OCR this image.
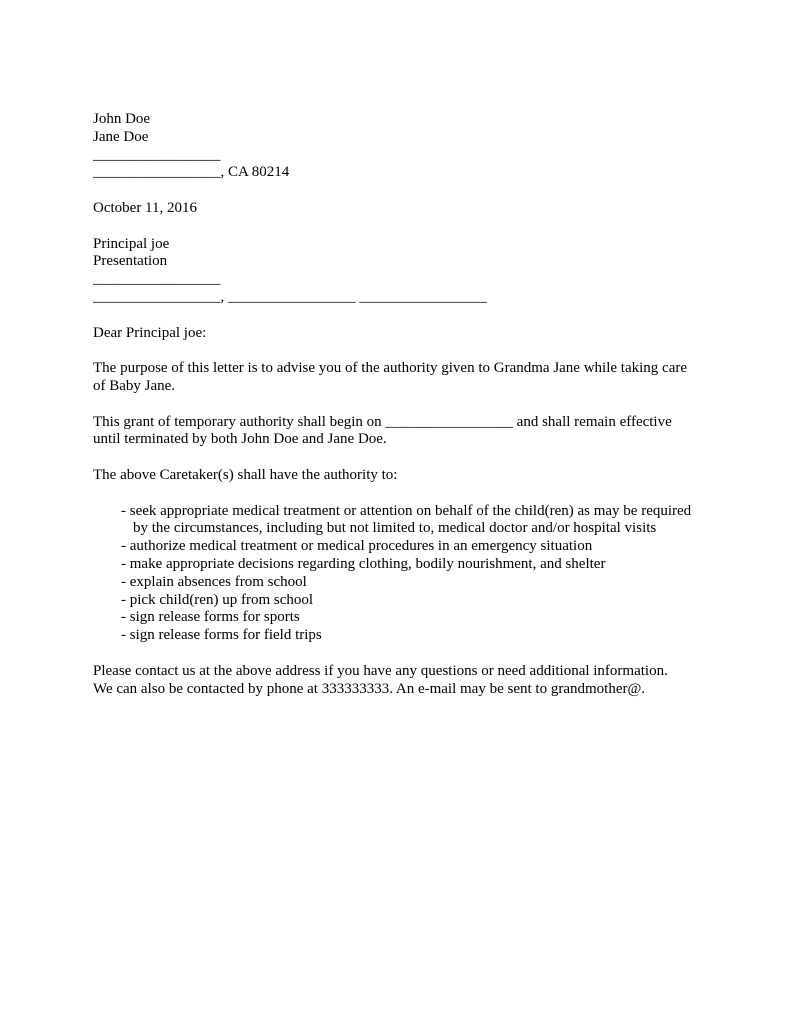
John Doe
Jane Doe
_________________
_________________, CA 80214
October 11, 2016
Principal joe
Presentation
_________________
_________________, _________________ _________________
Dear Principal joe:
The purpose of this letter is to advise you of the authority given to Grandma Jane while taking care of Baby Jane.
This grant of temporary authority shall begin on _________________ and shall remain effective
until terminated by both John Doe and Jane Doe.
The above Caretaker(s) shall have the authority to:
- seek appropriate medical treatment or attention on behalf of the child(ren) as may be required by the circumstances, including but not limited to, medical doctor and/or hospital visits
- authorize medical treatment or medical procedures in an emergency situation
- make appropriate decisions regarding clothing, bodily nourishment, and shelter
- explain absences from school
- pick child(ren) up from school
- sign release forms for sports
- sign release forms for field trips
Please contact us at the above address if you have any questions or need additional information.
We can also be contacted by phone at 333333333. An e-mail may be sent to grandmother@.
